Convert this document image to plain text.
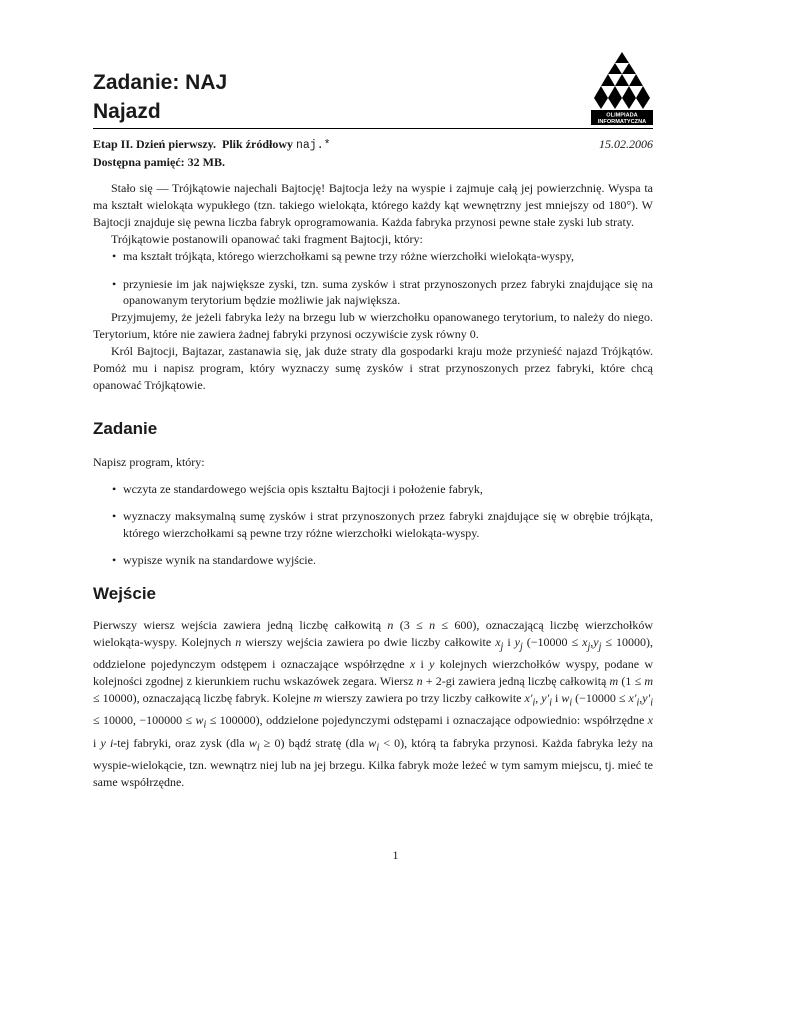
Zadanie: NAJ
Najazd	OLIMPIADA
INFORMATYCZNA
Etap II. Dzień pierwszy. Plik źródłowy naj.*	15.02.2006
Dostępna pamięć: 32 MB.

Stało się — Trójkątowie najechali Bajtocję! Bajtocja leży na wyspie i zajmuje całą jej powierzchnię. Wyspa ta ma kształt wielokąta wypukłego (tzn. takiego wielokąta, którego każdy kąt wewnętrzny jest mniejszy od 180°). W Bajtocji znajduje się pewna liczba fabryk oprogramowania. Każda fabryka przynosi pewne stałe zyski lub straty.

Trójkątowie postanowili opanować taki fragment Bajtocji, który:

• ma kształt trójkąta, którego wierzchołkami są pewne trzy różne wierzchołki wielokąta-wyspy,
• przyniesie im jak największe zyski, tzn. suma zysków i strat przynoszonych przez fabryki znajdujące się na opanowanym terytorium będzie możliwie jak największa.

Przyjmujemy, że jeżeli fabryka leży na brzegu lub w wierzchołku opanowanego terytorium, to należy do niego. Terytorium, które nie zawiera żadnej fabryki przynosi oczywiście zysk równy 0.

Król Bajtocji, Bajtazar, zastanawia się, jak duże straty dla gospodarki kraju może przynieść najazd Trójkątów. Pomóż mu i napisz program, który wyznaczy sumę zysków i strat przynoszonych przez fabryki, które chcą opanować Trójkątowie.

Zadanie

Napisz program, który:

• wczyta ze standardowego wejścia opis kształtu Bajtocji i położenie fabryk,
• wyznaczy maksymalną sumę zysków i strat przynoszonych przez fabryki znajdujące się w obrębie trójkąta, którego wierzchołkami są pewne trzy różne wierzchołki wielokąta-wyspy.
• wypisze wynik na standardowe wyjście.
Wejście

Pierwszy wiersz wejścia zawiera jedną liczbę całkowitą n (3 ≤ n ≤ 600), oznaczającą liczbę wierzchołków wielokąta-wyspy. Kolejnych n wierszy wejścia zawiera po dwie liczby całkowite $x_j$ i $y_j$ $(-10000 \le x_j,y_j \le 10000)$, oddzielone pojedynczym odstępem i oznaczające współrzędne x i y kolejnych wierzchołków wyspy, podane w kolejności zgodnej z kierunkiem ruchu wskazówek zegara. Wiersz n + 2-gi zawiera jedną liczbę całkowitą m (1 ≤ m ≤ 10000), oznaczającą liczbę fabryk. Kolejne m wierszy zawiera po trzy liczby całkowite $x'_i$, $y'_i$ i $w_i$ ($-10000 \le x'_i,y'_i \le 10000$, $-100000 \le w_i \le 100000$), oddzielone pojedynczymi odstępami i oznaczające odpowiednio: współrzędne x i y i-tej fabryki, oraz zysk (dla $w_i \ge 0$) bądź stratę (dla $w_i < 0$), którą ta fabryka przynosi. Każda fabryka leży na wyspie-wielokącie, tzn. wewnątrz niej lub na jej brzegu. Kilka fabryk może leżeć w tym samym miejscu, tj. mieć te same współrzędne.

1
